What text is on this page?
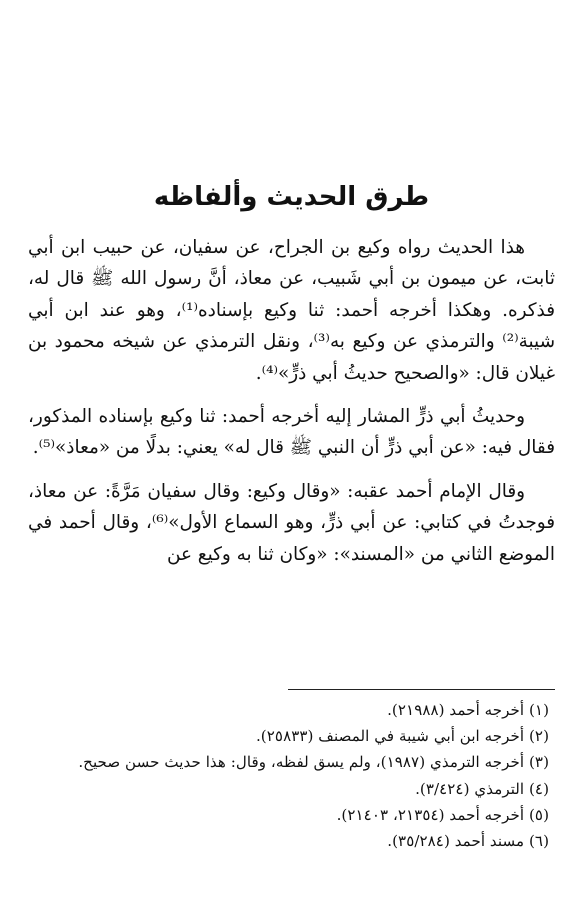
طرق الحديث وألفاظه

هذا الحديث رواه وكيع بن الجراح، عن سفيان، عن حبيب ابن أبي ثابت، عن ميمون بن أبي شَبيب، عن معاذ، أنَّ رسول الله ﷺ قال له، فذكره. وهكذا أخرجه أحمد: ثنا وكيع بإسناده⁽¹⁾، وهو عند ابن أبي شيبة⁽²⁾ والترمذي عن وكيع به⁽³⁾، ونقل الترمذي عن شيخه محمود بن غيلان قال: «والصحيح حديثُ أبي ذرٍّ»⁽⁴⁾.

وحديثُ أبي ذرٍّ المشار إليه أخرجه أحمد: ثنا وكيع بإسناده المذكور، فقال فيه: «عن أبي ذرٍّ أن النبي ﷺ قال له» يعني: بدلًا من «معاذ»⁽⁵⁾.

وقال الإمام أحمد عقبه: «وقال وكيع: وقال سفيان مَرَّةً: عن معاذ، فوجدتُ في كتابي: عن أبي ذرٍّ، وهو السماع الأول»⁽⁶⁾، وقال أحمد في الموضع الثاني من «المسند»: «وكان ثنا به وكيع عن

(١) أخرجه أحمد (٢١٩٨٨).
(٢) أخرجه ابن أبي شيبة في المصنف (٢٥٨٣٣).
(٣) أخرجه الترمذي (١٩٨٧)، ولم يسق لفظه، وقال: هذا حديث حسن صحيح.
(٤) الترمذي (٣/٤٢٤).
(٥) أخرجه أحمد (٢١٣٥٤، ٢١٤٠٣).
(٦) مسند أحمد (٣٥/٢٨٤).
